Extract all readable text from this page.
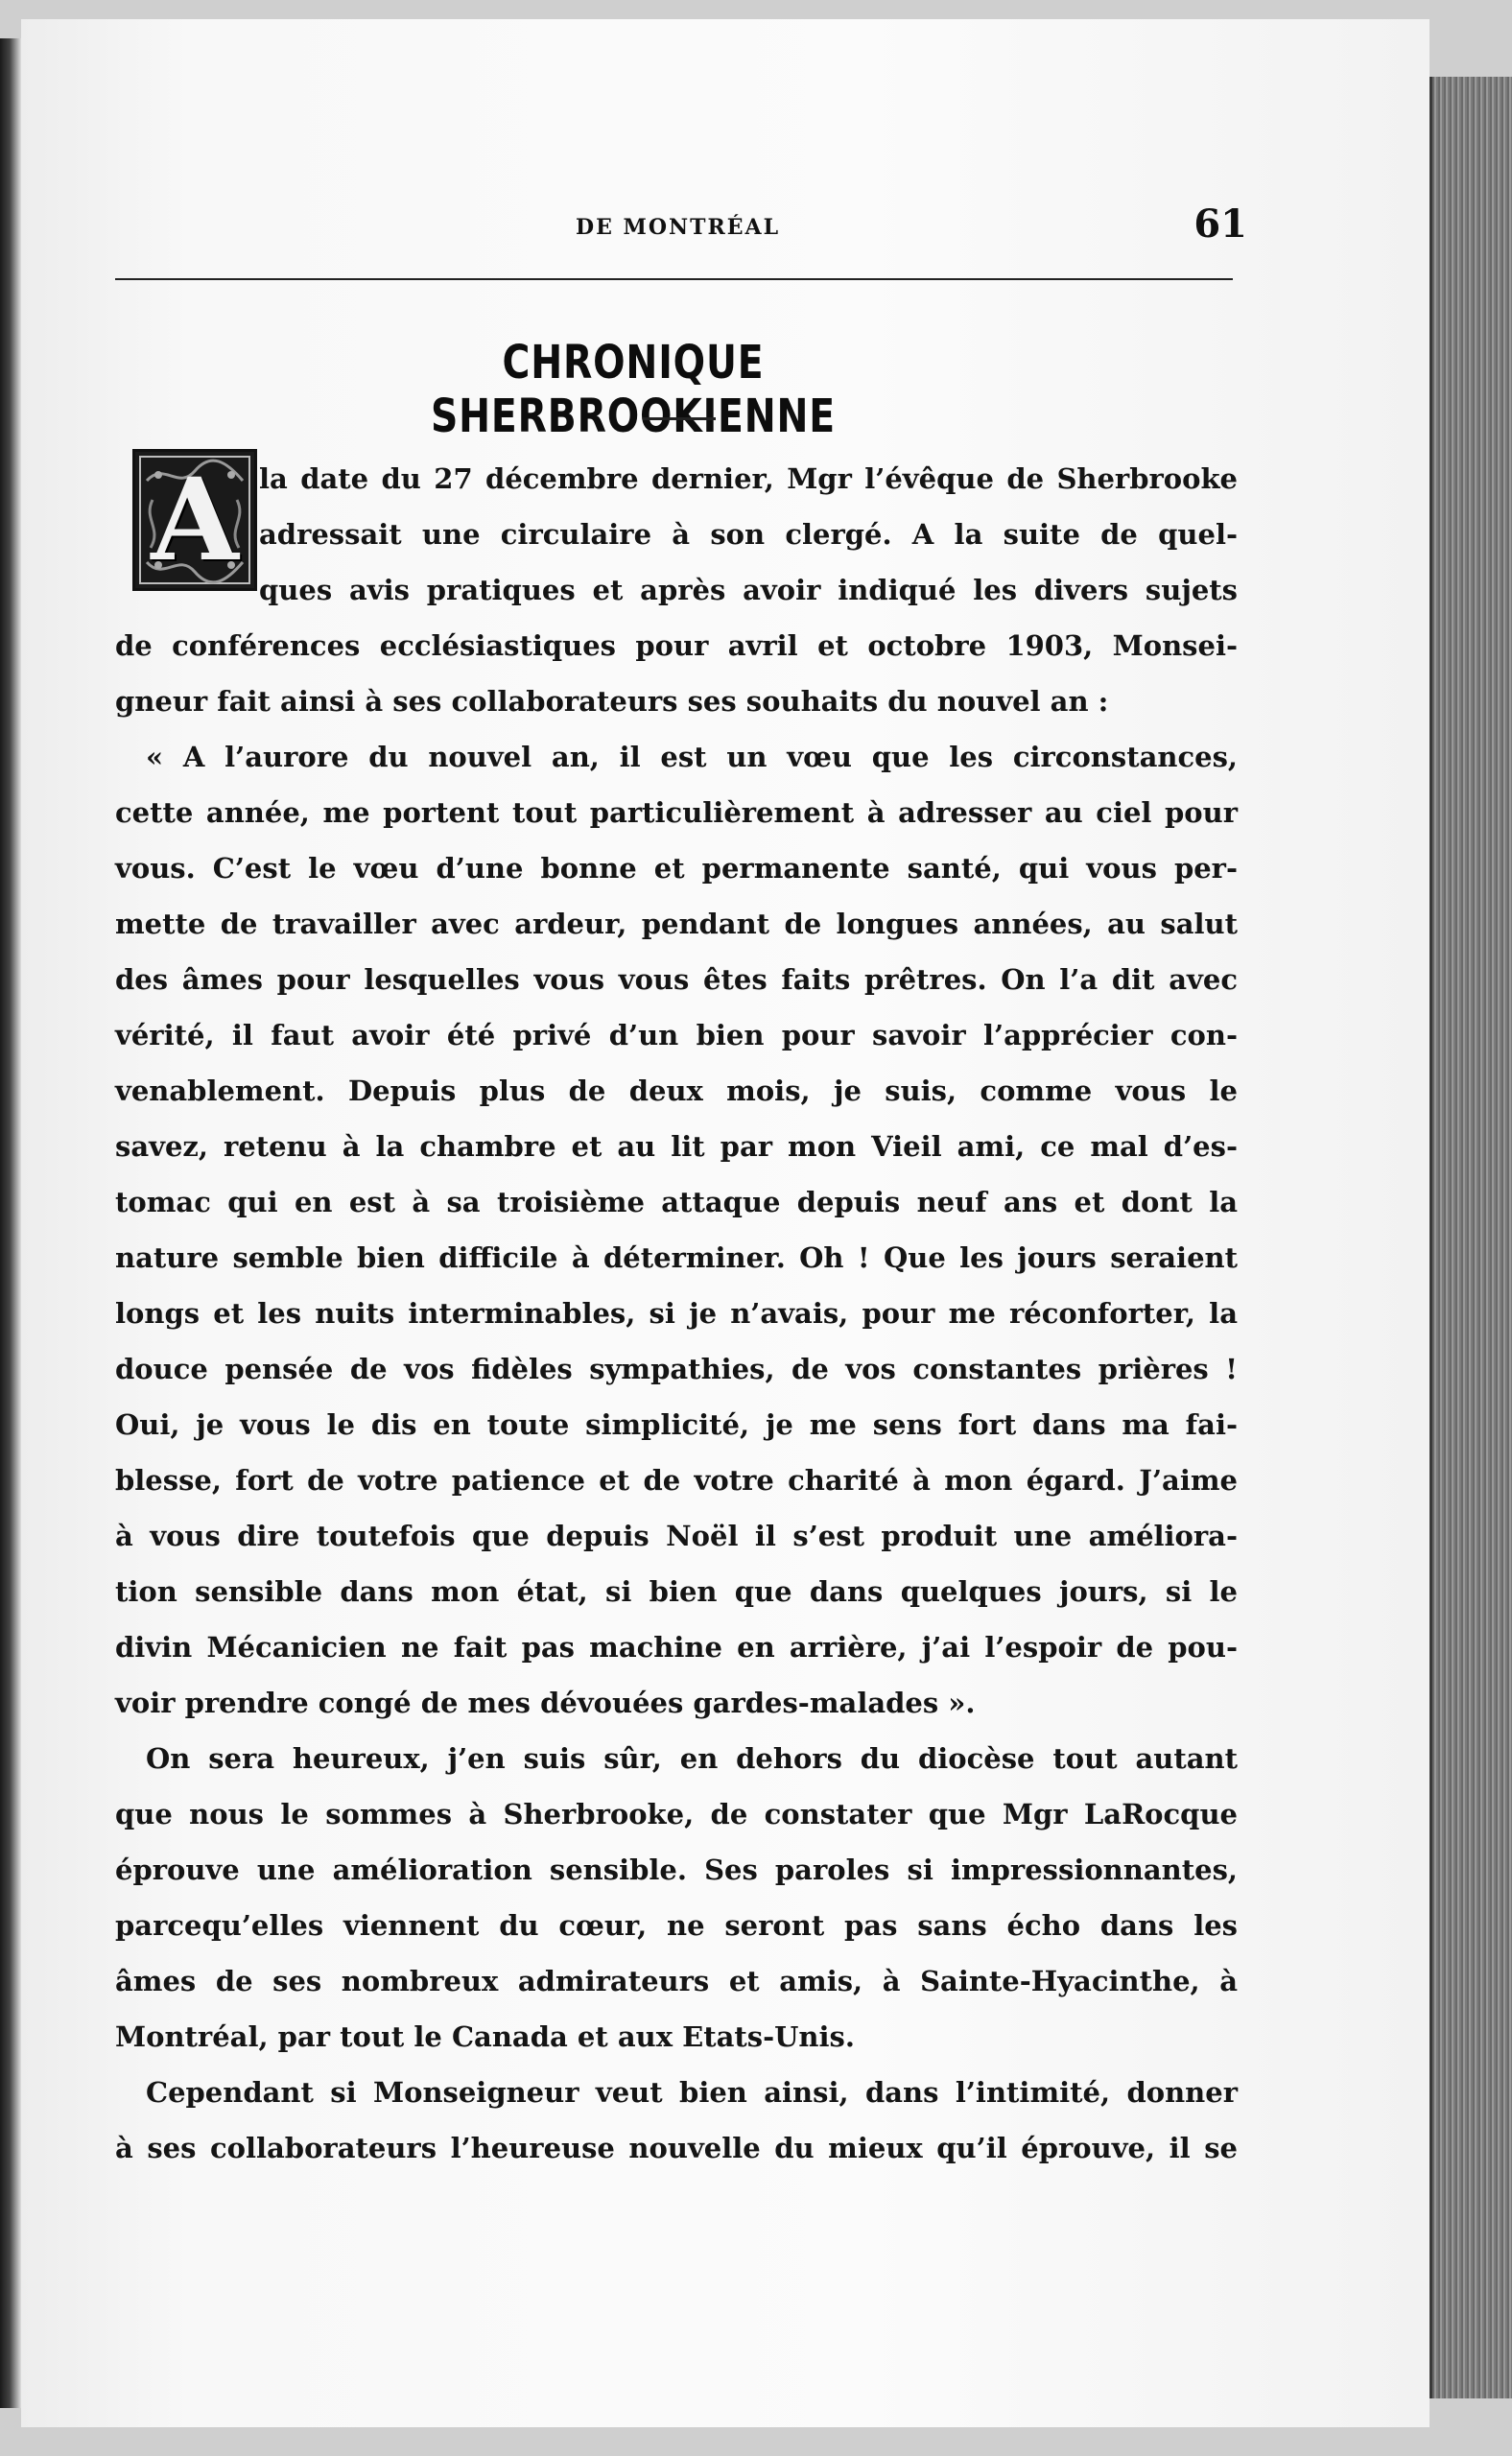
DE MONTRÉAL	61
CHRONIQUE SHERBROOKIENNE
A la date du 27 décembre dernier, Mgr l’évêque de Sherbrooke
adressait une circulaire à son clergé. A la suite de quel-
ques avis pratiques et après avoir indiqué les divers sujets
de conférences ecclésiastiques pour avril et octobre 1903, Monsei-
gneur fait ainsi à ses collaborateurs ses souhaits du nouvel an :
« A l’aurore du nouvel an, il est un vœu que les circonstances,
cette année, me portent tout particulièrement à adresser au ciel pour
vous. C’est le vœu d’une bonne et permanente santé, qui vous per-
mette de travailler avec ardeur, pendant de longues années, au salut
des âmes pour lesquelles vous vous êtes faits prêtres. On l’a dit avec
vérité, il faut avoir été privé d’un bien pour savoir l’apprécier con-
venablement. Depuis plus de deux mois, je suis, comme vous le
savez, retenu à la chambre et au lit par mon Vieil ami, ce mal d’es-
tomac qui en est à sa troisième attaque depuis neuf ans et dont la
nature semble bien difficile à déterminer. Oh ! Que les jours seraient
longs et les nuits interminables, si je n’avais, pour me réconforter, la
douce pensée de vos fidèles sympathies, de vos constantes prières !
Oui, je vous le dis en toute simplicité, je me sens fort dans ma fai-
blesse, fort de votre patience et de votre charité à mon égard. J’aime
à vous dire toutefois que depuis Noël il s’est produit une améliora-
tion sensible dans mon état, si bien que dans quelques jours, si le
divin Mécanicien ne fait pas machine en arrière, j’ai l’espoir de pou-
voir prendre congé de mes dévouées gardes-malades ».
On sera heureux, j’en suis sûr, en dehors du diocèse tout autant
que nous le sommes à Sherbrooke, de constater que Mgr LaRocque
éprouve une amélioration sensible. Ses paroles si impressionnantes,
parcequ’elles viennent du cœur, ne seront pas sans écho dans les
âmes de ses nombreux admirateurs et amis, à Sainte-Hyacinthe, à
Montréal, par tout le Canada et aux Etats-Unis.
Cependant si Monseigneur veut bien ainsi, dans l’intimité, donner
à ses collaborateurs l’heureuse nouvelle du mieux qu’il éprouve, il se
